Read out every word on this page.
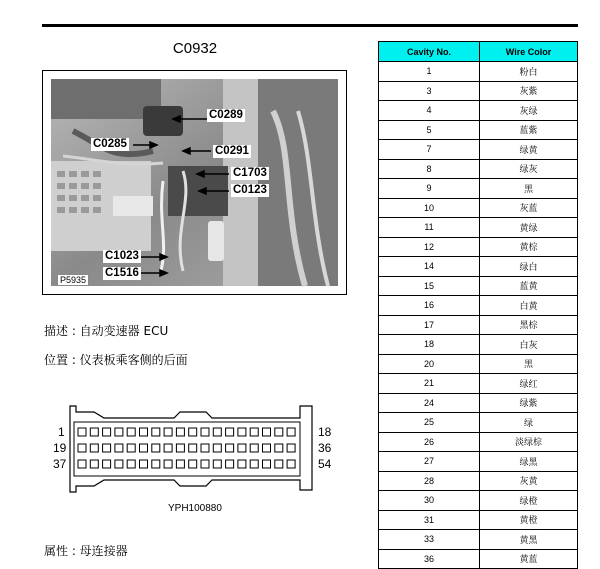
C0932
C0289
C0285
C0291
C1703
C0123
C1023
C1516
P5935
描述 : 自动变速器 ECU
位置 : 仪表板乘客侧的后面
1
19
37
18
36
54
YPH100880
属性 : 母连接器
Cavity No.	Wire Color
1	粉白
3	灰紫
4	灰绿
5	蓝紫
7	绿黄
8	绿灰
9	黑
10	灰蓝
11	黄绿
12	黄棕
14	绿白
15	蓝黄
16	白黄
17	黑棕
18	白灰
20	黑
21	绿红
24	绿紫
25	绿
26	淡绿棕
27	绿黑
28	灰黄
30	绿橙
31	黄橙
33	黄黑
36	黄蓝
